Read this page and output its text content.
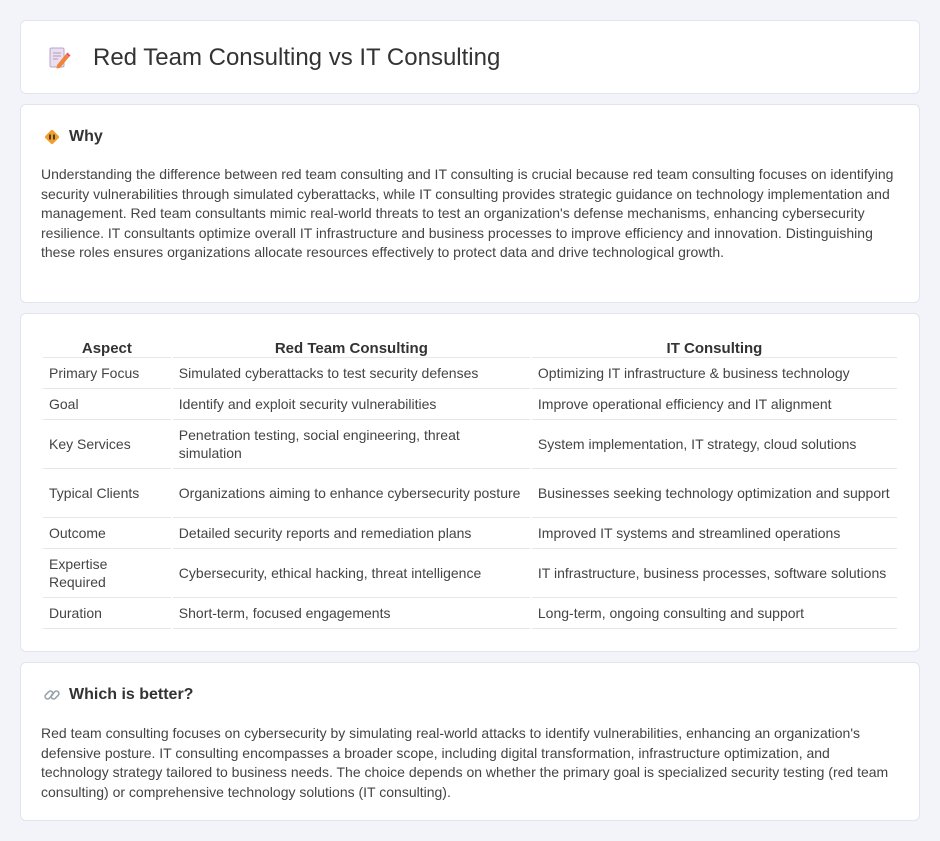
Red Team Consulting vs IT Consulting
Why

Understanding the difference between red team consulting and IT consulting is crucial because red team consulting focuses on identifying security vulnerabilities through simulated cyberattacks, while IT consulting provides strategic guidance on technology implementation and management. Red team consultants mimic real-world threats to test an organization's defense mechanisms, enhancing cybersecurity resilience. IT consultants optimize overall IT infrastructure and business processes to improve efficiency and innovation. Distinguishing these roles ensures organizations allocate resources effectively to protect data and drive technological growth.

Aspect	Red Team Consulting	IT Consulting
Primary Focus	Simulated cyberattacks to test security defenses	Optimizing IT infrastructure & business technology
Goal	Identify and exploit security vulnerabilities	Improve operational efficiency and IT alignment
Key Services	Penetration testing, social engineering, threat simulation	System implementation, IT strategy, cloud solutions
Typical Clients	Organizations aiming to enhance cybersecurity posture	Businesses seeking technology optimization and support
Outcome	Detailed security reports and remediation plans	Improved IT systems and streamlined operations
Expertise Required	Cybersecurity, ethical hacking, threat intelligence	IT infrastructure, business processes, software solutions
Duration	Short-term, focused engagements	Long-term, ongoing consulting and support
Which is better?

Red team consulting focuses on cybersecurity by simulating real-world attacks to identify vulnerabilities, enhancing an organization's defensive posture. IT consulting encompasses a broader scope, including digital transformation, infrastructure optimization, and technology strategy tailored to business needs. The choice depends on whether the primary goal is specialized security testing (red team consulting) or comprehensive technology solutions (IT consulting).
